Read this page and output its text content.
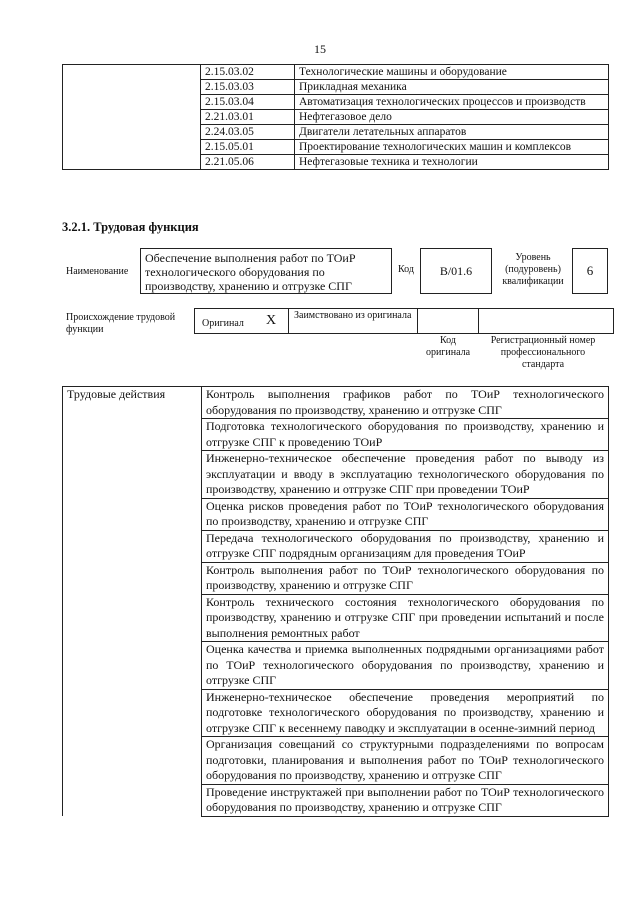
15
	2.15.03.02	Технологические машины и оборудование
	2.15.03.03	Прикладная механика
	2.15.03.04	Автоматизация технологических процессов и производств
	2.21.03.01	Нефтегазовое дело
	2.24.03.05	Двигатели летательных аппаратов
	2.15.05.01	Проектирование технологических машин и комплексов
	2.21.05.06	Нефтегазовые техника и технологии
3.2.1. Трудовая функция
Наименование
Обеспечение выполнения работ по ТОиР технологического оборудования по производству, хранению и отгрузке СПГ
Код	B/01.6
Уровень (подуровень) квалификации
6
Происхождение трудовой функции
Оригинал X Заимствовано из оригинала
Код оригинала
Регистрационный номер профессионального стандарта
Трудовые действия	Контроль выполнения графиков работ по ТОиР технологического оборудования по производству, хранению и отгрузке СПГ
Подготовка технологического оборудования по производству, хранению и отгрузке СПГ к проведению ТОиР
Инженерно-техническое обеспечение проведения работ по выводу из эксплуатации и вводу в эксплуатацию технологического оборудования по производству, хранению и отгрузке СПГ при проведении ТОиР
Оценка рисков проведения работ по ТОиР технологического оборудования по производству, хранению и отгрузке СПГ
Передача технологического оборудования по производству, хранению и отгрузке СПГ подрядным организациям для проведения ТОиР
Контроль выполнения работ по ТОиР технологического оборудования по производству, хранению и отгрузке СПГ
Контроль технического состояния технологического оборудования по производству, хранению и отгрузке СПГ при проведении испытаний и после выполнения ремонтных работ
Оценка качества и приемка выполненных подрядными организациями работ по ТОиР технологического оборудования по производству, хранению и отгрузке СПГ
Инженерно-техническое обеспечение проведения мероприятий по подготовке технологического оборудования по производству, хранению и отгрузке СПГ к весеннему паводку и эксплуатации в осенне-зимний период
Организация совещаний со структурными подразделениями по вопросам подготовки, планирования и выполнения работ по ТОиР технологического оборудования по производству, хранению и отгрузке СПГ
Проведение инструктажей при выполнении работ по ТОиР технологического оборудования по производству, хранению и отгрузке СПГ
